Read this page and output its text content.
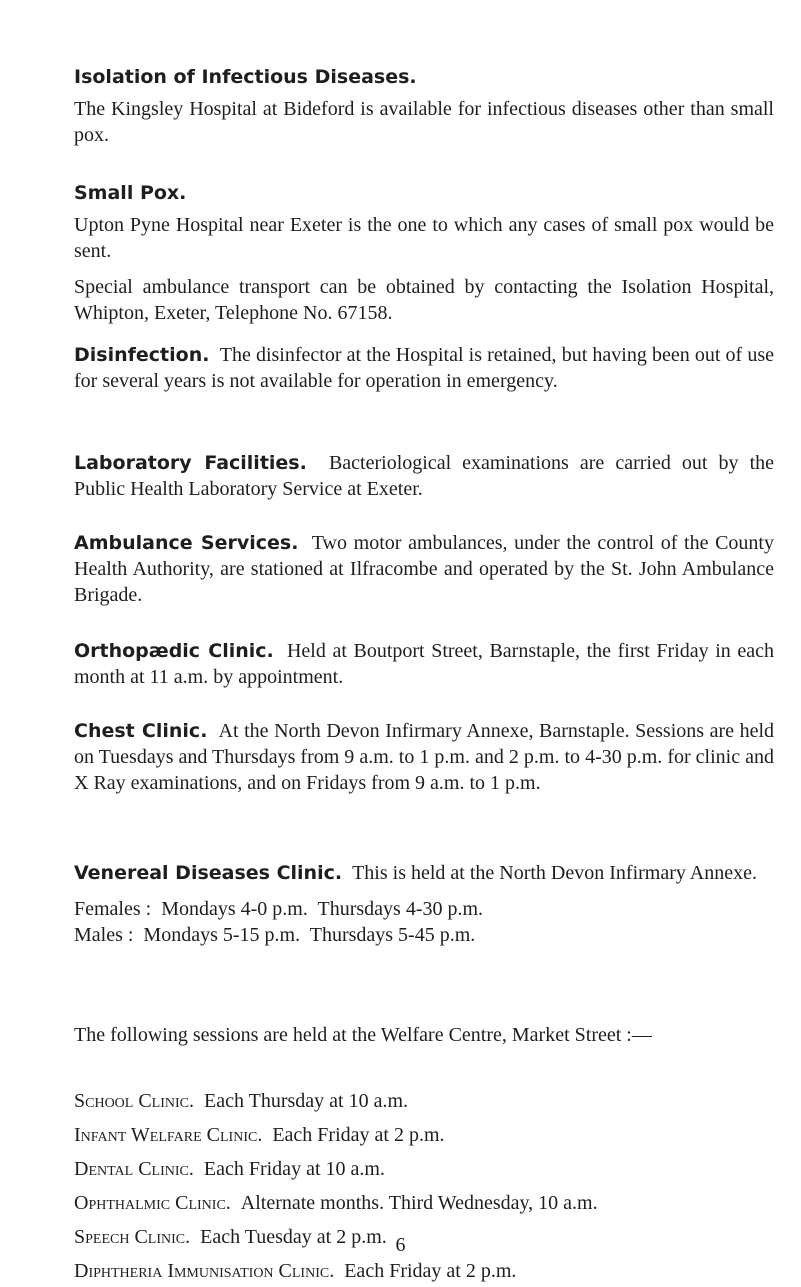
Isolation of Infectious Diseases.

The Kingsley Hospital at Bideford is available for infectious diseases other than small pox.

Small Pox.

Upton Pyne Hospital near Exeter is the one to which any cases of small pox would be sent.

Special ambulance transport can be obtained by contacting the Isolation Hospital, Whipton, Exeter, Telephone No. 67158.

Disinfection. The disinfector at the Hospital is retained, but having been out of use for several years is not available for operation in emergency.

Laboratory Facilities. Bacteriological examinations are carried out by the Public Health Laboratory Service at Exeter.

Ambulance Services. Two motor ambulances, under the control of the County Health Authority, are stationed at Ilfracombe and operated by the St. John Ambulance Brigade.

Orthopædic Clinic. Held at Boutport Street, Barnstaple, the first Friday in each month at 11 a.m. by appointment.

Chest Clinic. At the North Devon Infirmary Annexe, Barnstaple. Sessions are held on Tuesdays and Thursdays from 9 a.m. to 1 p.m. and 2 p.m. to 4-30 p.m. for clinic and X Ray examinations, and on Fridays from 9 a.m. to 1 p.m.

Venereal Diseases Clinic. This is held at the North Devon Infirmary Annexe.

Females :  Mondays 4-0 p.m.  Thursdays 4-30 p.m.
Males :  Mondays 5-15 p.m.  Thursdays 5-45 p.m.

The following sessions are held at the Welfare Centre, Market Street :—

School Clinic. Each Thursday at 10 a.m.
Infant Welfare Clinic. Each Friday at 2 p.m.
Dental Clinic. Each Friday at 10 a.m.
Ophthalmic Clinic. Alternate months. Third Wednesday, 10 a.m.
Speech Clinic. Each Tuesday at 2 p.m.
Diphtheria Immunisation Clinic. Each Friday at 2 p.m.
6
